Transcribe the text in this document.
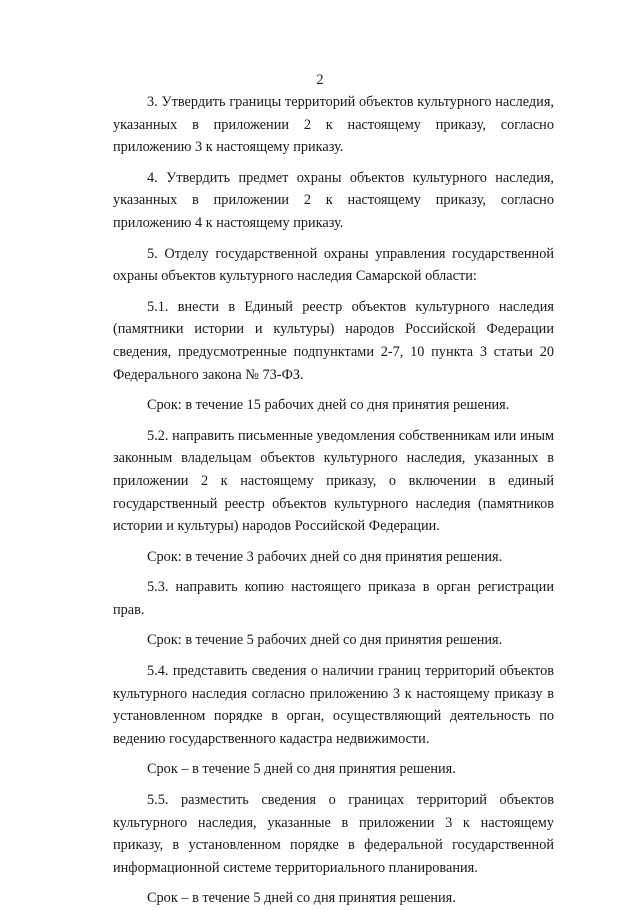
2

3. Утвердить границы территорий объектов культурного наследия, указанных в приложении 2 к настоящему приказу, согласно приложению 3 к настоящему приказу.

4. Утвердить предмет охраны объектов культурного наследия, указанных в приложении 2 к настоящему приказу, согласно приложению 4 к настоящему приказу.

5. Отделу государственной охраны управления государственной охраны объектов культурного наследия Самарской области:

5.1. внести в Единый реестр объектов культурного наследия (памятники истории и культуры) народов Российской Федерации сведения, предусмотренные подпунктами 2-7, 10 пункта 3 статьи 20 Федерального закона № 73-ФЗ.

Срок: в течение 15 рабочих дней со дня принятия решения.

5.2. направить письменные уведомления собственникам или иным законным владельцам объектов культурного наследия, указанных в приложении 2 к настоящему приказу, о включении в единый государственный реестр объектов культурного наследия (памятников истории и культуры) народов Российской Федерации.

Срок: в течение 3 рабочих дней со дня принятия решения.

5.3. направить копию настоящего приказа в орган регистрации прав.

Срок: в течение 5 рабочих дней со дня принятия решения.

5.4. представить сведения о наличии границ территорий объектов культурного наследия согласно приложению 3 к настоящему приказу в установленном порядке в орган, осуществляющий деятельность по ведению государственного кадастра недвижимости.

Срок – в течение 5 дней со дня принятия решения.

5.5. разместить сведения о границах территорий объектов культурного наследия, указанные в приложении 3 к настоящему приказу, в установленном порядке в федеральной государственной информационной системе территориального планирования.

Срок – в течение 5 дней со дня принятия решения.
